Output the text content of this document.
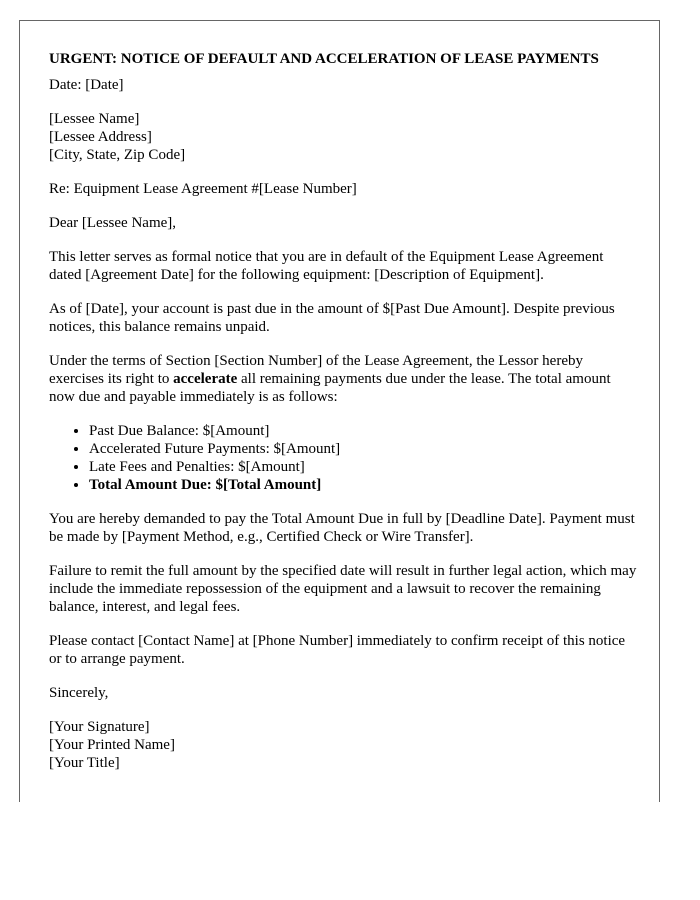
URGENT: NOTICE OF DEFAULT AND ACCELERATION OF LEASE PAYMENTS

Date: [Date]

[Lessee Name]
[Lessee Address]
[City, State, Zip Code]

Re: Equipment Lease Agreement #[Lease Number]

Dear [Lessee Name],

This letter serves as formal notice that you are in default of the Equipment Lease Agreement dated [Agreement Date] for the following equipment: [Description of Equipment].

As of [Date], your account is past due in the amount of $[Past Due Amount]. Despite previous notices, this balance remains unpaid.

Under the terms of Section [Section Number] of the Lease Agreement, the Lessor hereby exercises its right to accelerate all remaining payments due under the lease. The total amount now due and payable immediately is as follows:

• Past Due Balance: $[Amount]
• Accelerated Future Payments: $[Amount]
• Late Fees and Penalties: $[Amount]
• Total Amount Due: $[Total Amount]

You are hereby demanded to pay the Total Amount Due in full by [Deadline Date]. Payment must be made by [Payment Method, e.g., Certified Check or Wire Transfer].

Failure to remit the full amount by the specified date will result in further legal action, which may include the immediate repossession of the equipment and a lawsuit to recover the remaining balance, interest, and legal fees.

Please contact [Contact Name] at [Phone Number] immediately to confirm receipt of this notice or to arrange payment.

Sincerely,

[Your Signature]
[Your Printed Name]
[Your Title]
